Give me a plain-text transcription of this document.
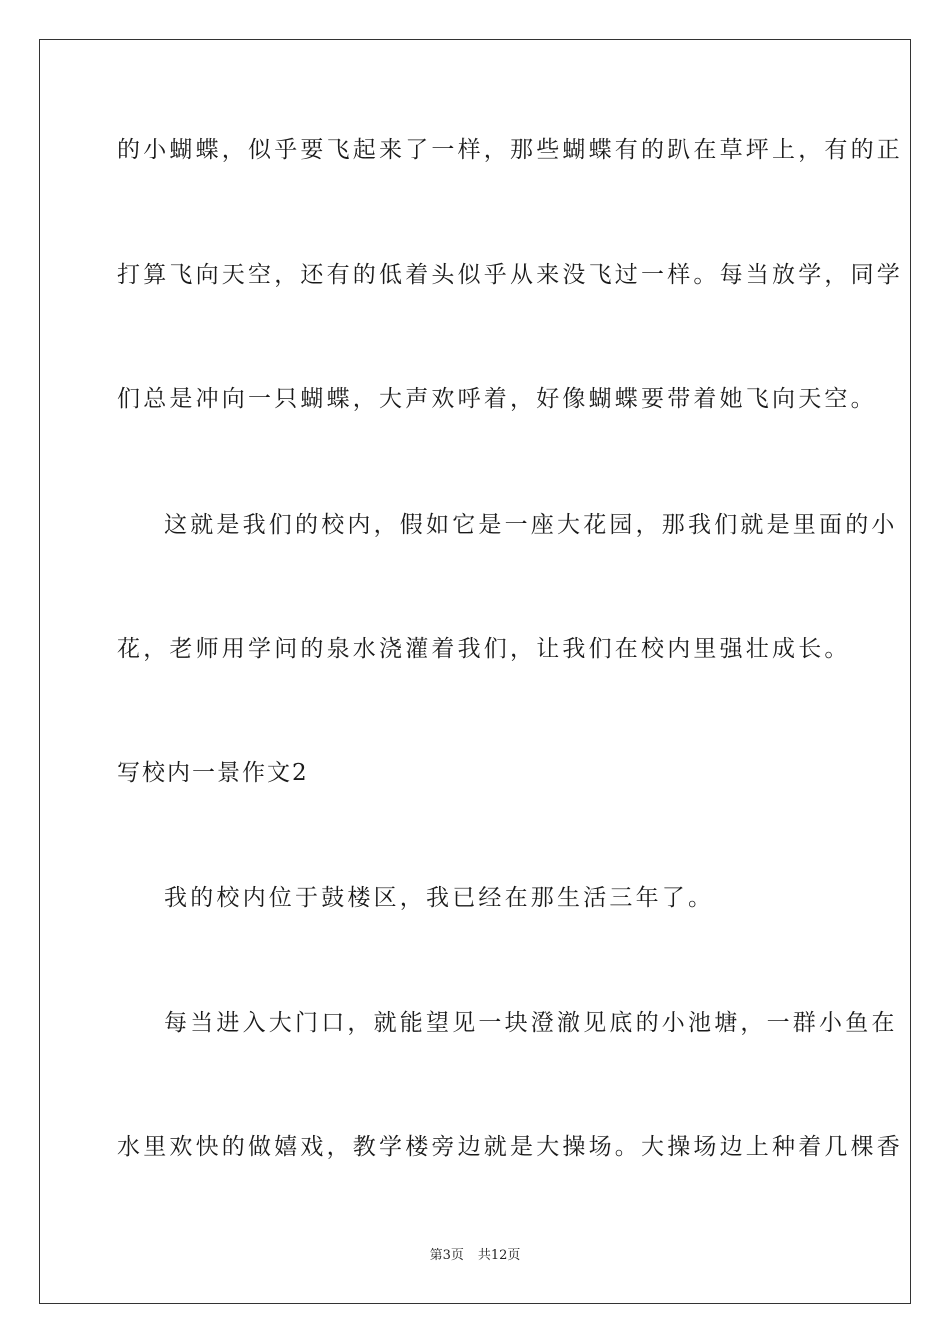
的小蝴蝶，似乎要飞起来了一样，那些蝴蝶有的趴在草坪上，有的正
打算飞向天空，还有的低着头似乎从来没飞过一样。每当放学，同学
们总是冲向一只蝴蝶，大声欢呼着，好像蝴蝶要带着她飞向天空。
这就是我们的校内，假如它是一座大花园，那我们就是里面的小
花，老师用学问的泉水浇灌着我们，让我们在校内里强壮成长。
写校内一景作文2
我的校内位于鼓楼区，我已经在那生活三年了。
每当进入大门口，就能望见一块澄澈见底的小池塘，一群小鱼在
水里欢快的做嬉戏，教学楼旁边就是大操场。大操场边上种着几棵香
第3页 共12页
